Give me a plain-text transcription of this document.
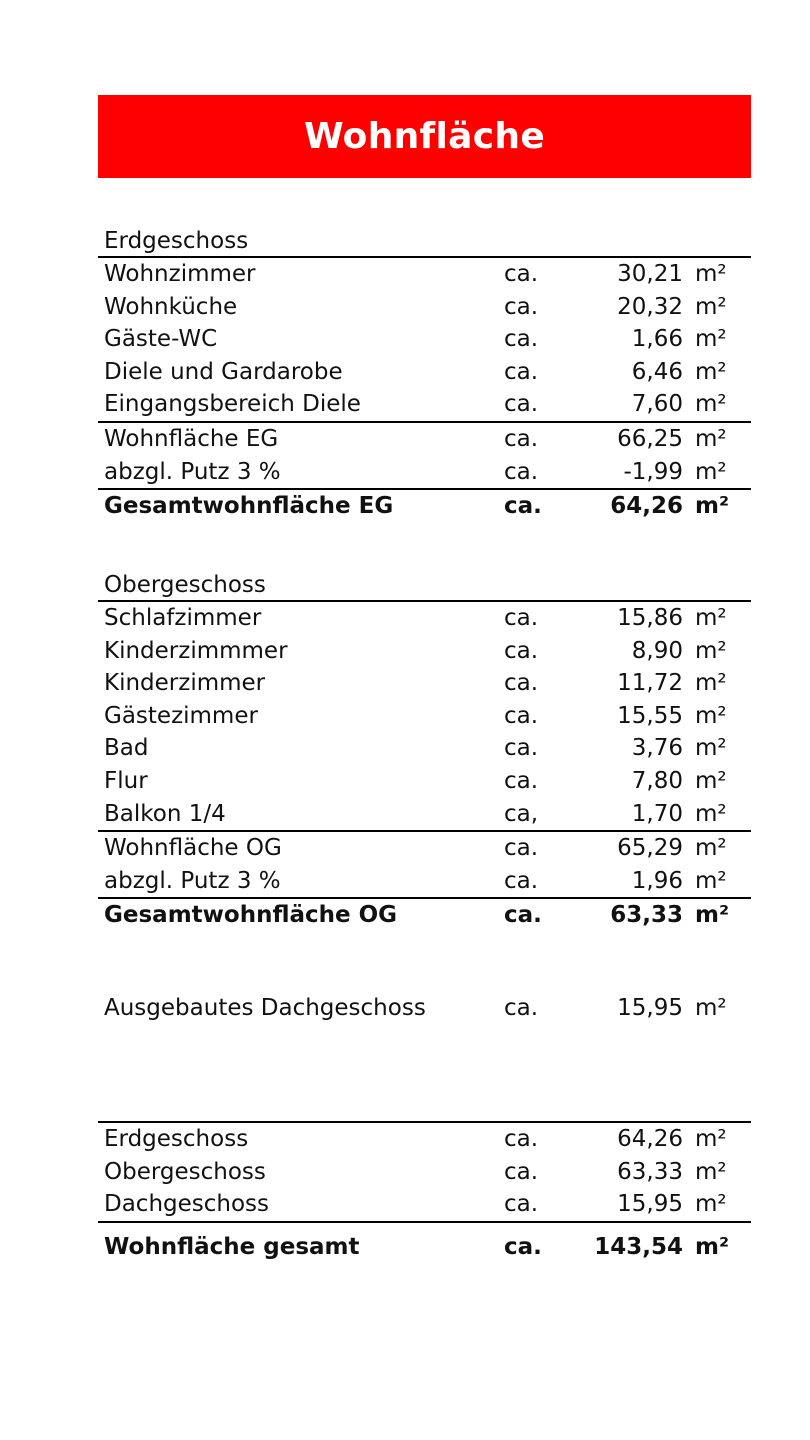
Wohnfläche
Erdgeschoss
Wohnzimmer	ca.	30,21 m²
Wohnküche	ca.	20,32 m²
Gäste-WC	ca.	1,66 m²
Diele und Gardarobe	ca.	6,46 m²
Eingangsbereich Diele	ca.	7,60 m²
Wohnfläche EG	ca.	66,25 m²
abzgl. Putz 3 %	ca.	-1,99 m²
Gesamtwohnfläche EG	ca.	64,26 m²
Obergeschoss
Schlafzimmer	ca.	15,86 m²
Kinderzimmmer	ca.	8,90 m²
Kinderzimmer	ca.	11,72 m²
Gästezimmer	ca.	15,55 m²
Bad	ca.	3,76 m²
Flur	ca.	7,80 m²
Balkon 1/4	ca,	1,70 m²
Wohnfläche OG	ca.	65,29 m²
abzgl. Putz 3 %	ca.	1,96 m²
Gesamtwohnfläche OG	ca.	63,33 m²
Ausgebautes Dachgeschoss	ca.	15,95 m²
Erdgeschoss	ca.	64,26 m²
Obergeschoss	ca.	63,33 m²
Dachgeschoss	ca.	15,95 m²
Wohnfläche gesamt	ca. 143,54 m²
